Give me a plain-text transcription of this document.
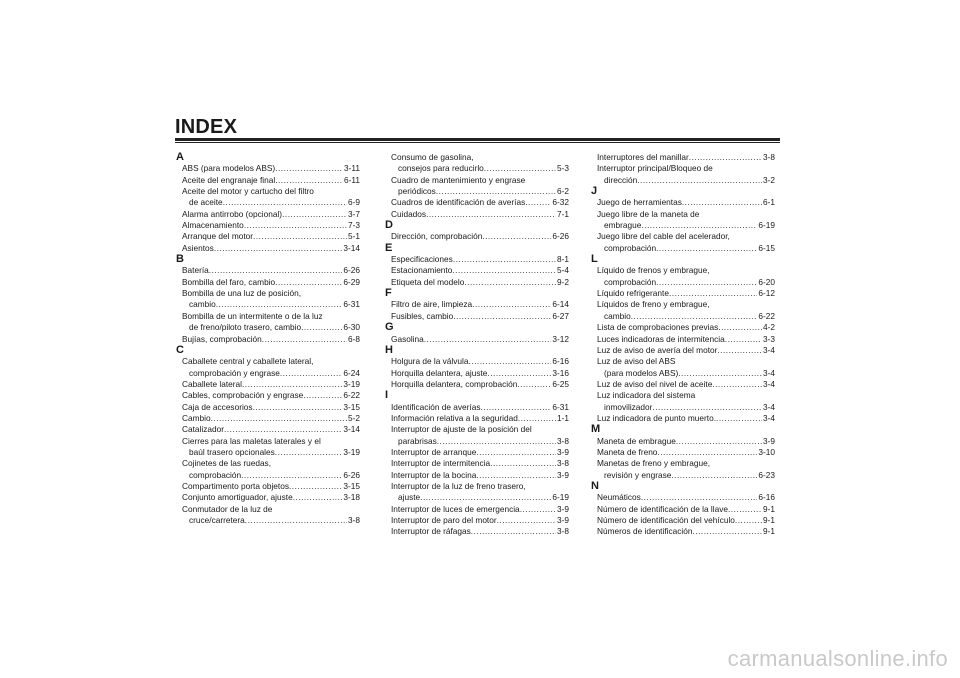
INDEX
A
ABS (para modelos ABS) .....	3-11
Aceite del engranaje final .....	6-11
Aceite del motor y cartucho del filtro
de aceite .....	6-9
Alarma antirrobo (opcional) .....	3-7
Almacenamiento .....	7-3
Arranque del motor .....	5-1
Asientos .....	3-14
B
Batería .....	6-26
Bombilla del faro, cambio .....	6-29
Bombilla de una luz de posición,
cambio .....	6-31
Bombilla de un intermitente o de la luz
de freno/piloto trasero, cambio .....	6-30
Bujías, comprobación .....	6-8
C
Caballete central y caballete lateral,
comprobación y engrase .....	6-24
Caballete lateral .....	3-19
Cables, comprobación y engrase .....	6-22
Caja de accesorios .....	3-15
Cambio .....	5-2
Catalizador .....	3-14
Cierres para las maletas laterales y el
baúl trasero opcionales .....	3-19
Cojinetes de las ruedas,
comprobación .....	6-26
Compartimento porta objetos .....	3-15
Conjunto amortiguador, ajuste .....	3-18
Conmutador de la luz de
cruce/carretera .....	3-8
Consumo de gasolina,
consejos para reducirlo .....	5-3
Cuadro de mantenimiento y engrase
periódicos .....	6-2
Cuadros de identificación de averías .....	6-32
Cuidados .....	7-1
D
Dirección, comprobación .....	6-26
E
Especificaciones .....	8-1
Estacionamiento .....	5-4
Etiqueta del modelo .....	9-2
F
Filtro de aire, limpieza .....	6-14
Fusibles, cambio .....	6-27
G
Gasolina .....	3-12
H
Holgura de la válvula .....	6-16
Horquilla delantera, ajuste .....	3-16
Horquilla delantera, comprobación .....	6-25
I
Identificación de averías .....	6-31
Información relativa a la seguridad .....	1-1
Interruptor de ajuste de la posición del
parabrisas .....	3-8
Interruptor de arranque .....	3-9
Interruptor de intermitencia .....	3-8
Interruptor de la bocina .....	3-9
Interruptor de la luz de freno trasero,
ajuste .....	6-19
Interruptor de luces de emergencia .....	3-9
Interruptor de paro del motor .....	3-9
Interruptor de ráfagas .....	3-8
Interruptores del manillar .....	3-8
Interruptor principal/Bloqueo de
dirección .....	3-2
J
Juego de herramientas .....	6-1
Juego libre de la maneta de
embrague .....	6-19
Juego libre del cable del acelerador,
comprobación .....	6-15
L
Líquido de frenos y embrague,
comprobación .....	6-20
Líquido refrigerante .....	6-12
Líquidos de freno y embrague,
cambio .....	6-22
Lista de comprobaciones previas .....	4-2
Luces indicadoras de intermitencia .....	3-3
Luz de aviso de avería del motor .....	3-4
Luz de aviso del ABS
(para modelos ABS) .....	3-4
Luz de aviso del nivel de aceite .....	3-4
Luz indicadora del sistema
inmovilizador .....	3-4
Luz indicadora de punto muerto. .....	3-4
M
Maneta de embrague .....	3-9
Maneta de freno .....	3-10
Manetas de freno y embrague,
revisión y engrase .....	6-23
N
Neumáticos .....	6-16
Número de identificación de la llave .....	9-1
Número de identificación del vehículo .....	9-1
Números de identificación .....	9-1
carmanualsonline.info
